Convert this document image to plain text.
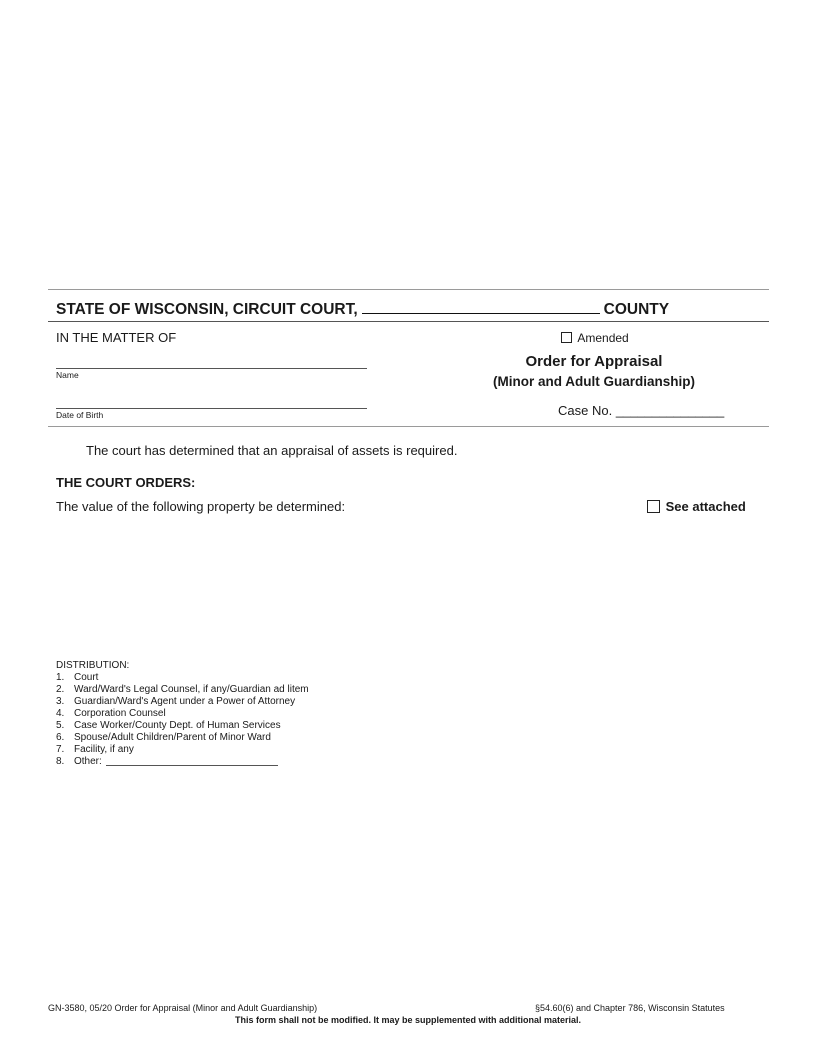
STATE OF WISCONSIN, CIRCUIT COURT,	COUNTY
IN THE MATTER OF
Name
Date of Birth
Amended
Order for Appraisal
(Minor and Adult Guardianship)
Case No. _______________
The court has determined that an appraisal of assets is required.
THE COURT ORDERS:
The value of the following property be determined:	See attached
DISTRIBUTION:
1. Court
2. Ward/Ward's Legal Counsel, if any/Guardian ad litem
3. Guardian/Ward's Agent under a Power of Attorney
4. Corporation Counsel
5. Case Worker/County Dept. of Human Services
6. Spouse/Adult Children/Parent of Minor Ward
7. Facility, if any
8. Other:
GN-3580, 05/20 Order for Appraisal (Minor and Adult Guardianship)	§54.60(6) and Chapter 786, Wisconsin Statutes
This form shall not be modified. It may be supplemented with additional material.
